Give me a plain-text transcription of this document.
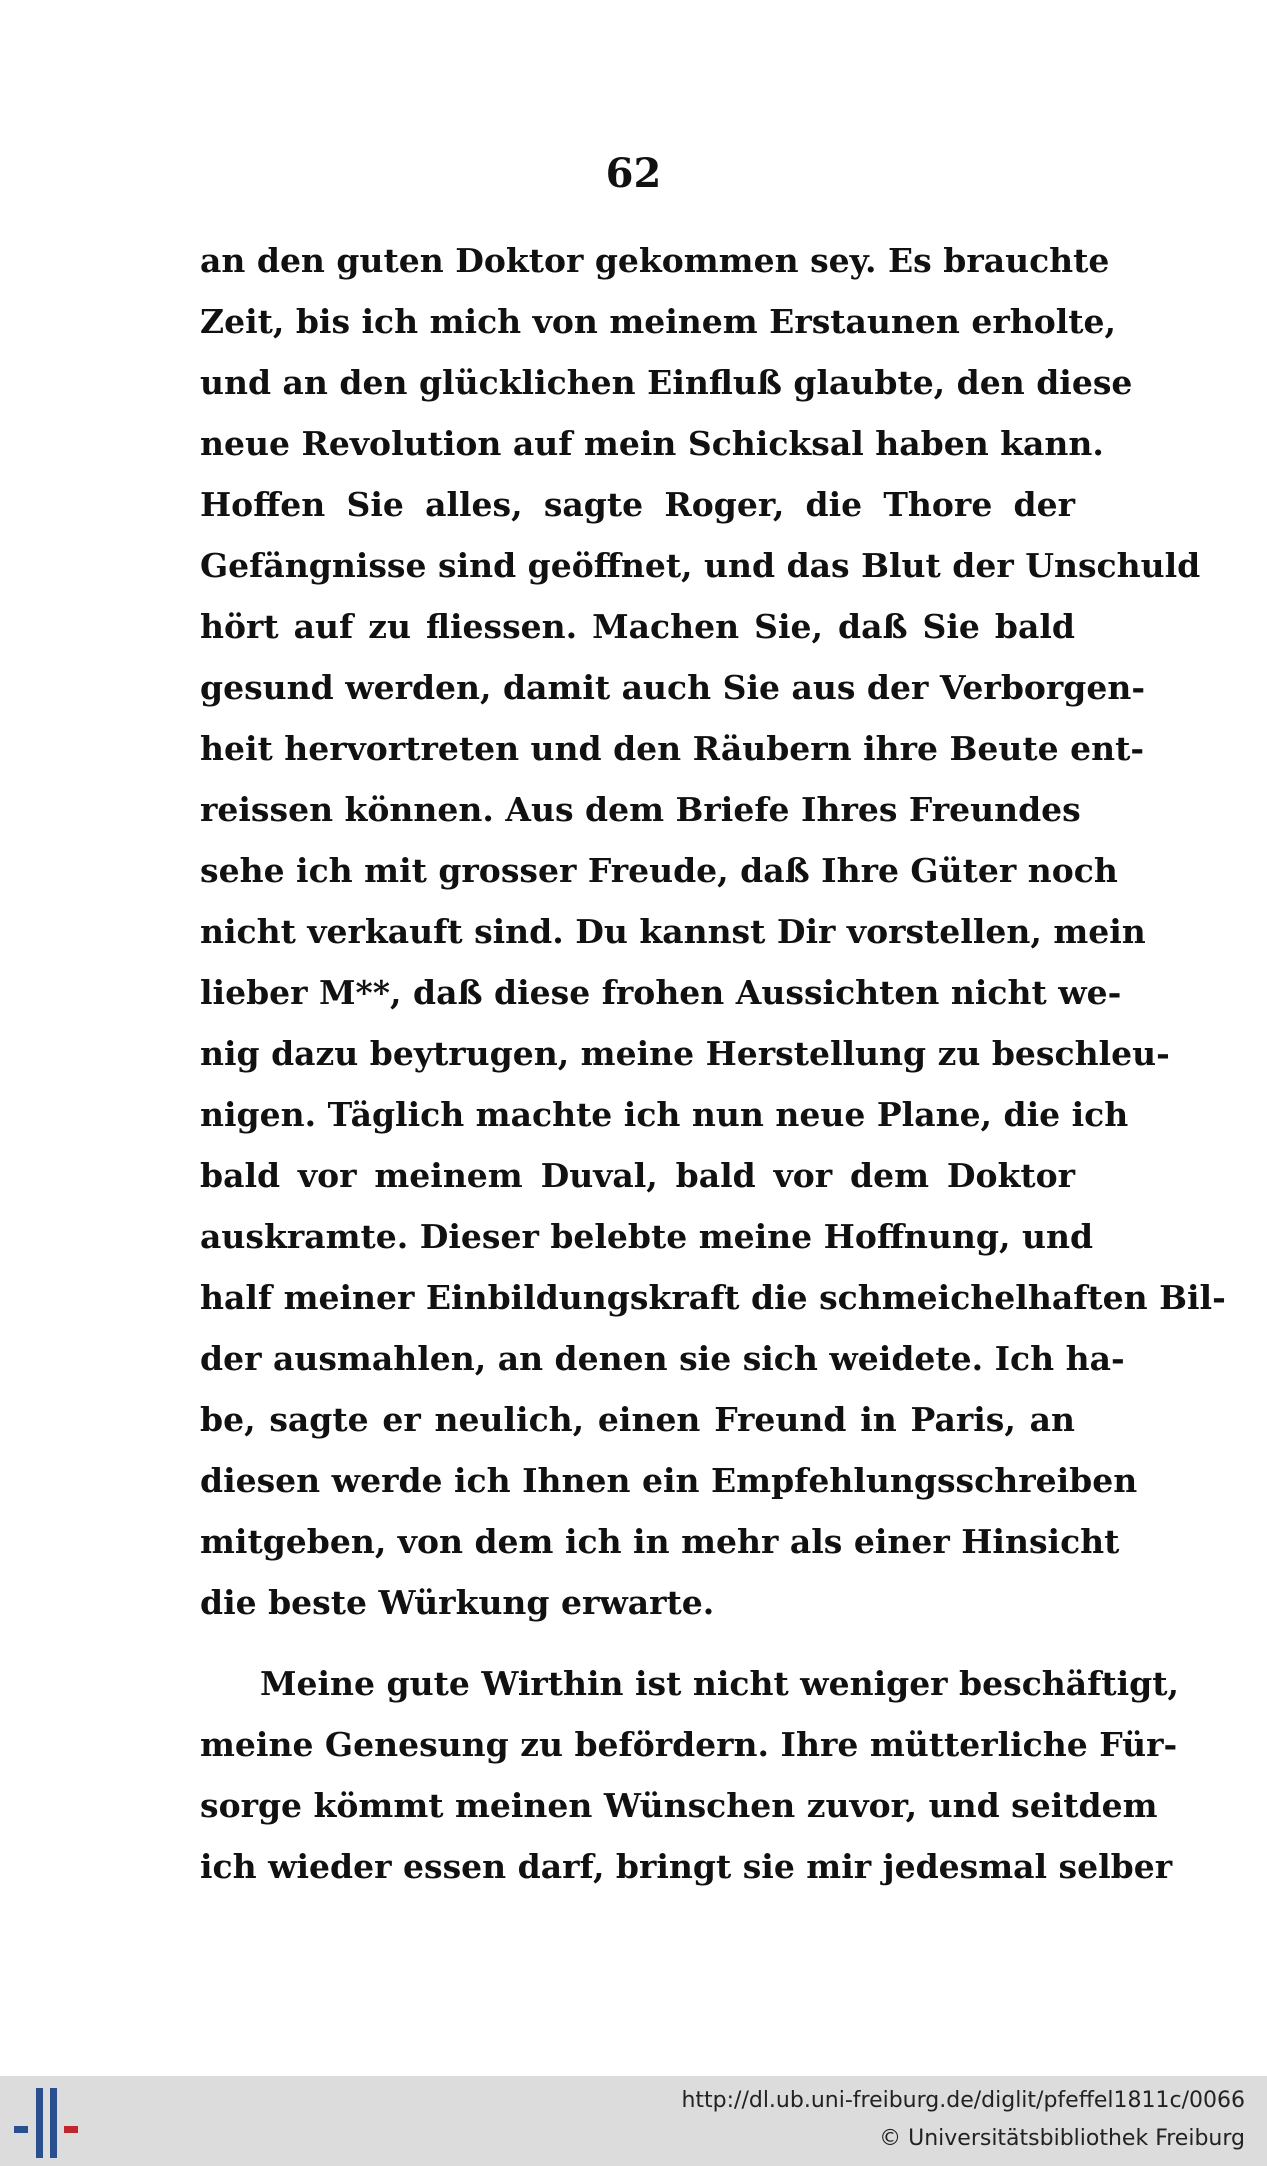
62
an den guten Doktor gekommen sey. Es brauchte
Zeit, bis ich mich von meinem Erstaunen erholte,
und an den glücklichen Einfluß glaubte, den diese
neue Revolution auf mein Schicksal haben kann.
Hoffen Sie alles, sagte Roger, die Thore der
Gefängnisse sind geöffnet, und das Blut der Unschuld
hört auf zu fliessen. Machen Sie, daß Sie bald
gesund werden, damit auch Sie aus der Verborgen-
heit hervortreten und den Räubern ihre Beute ent-
reissen können. Aus dem Briefe Ihres Freundes
sehe ich mit grosser Freude, daß Ihre Güter noch
nicht verkauft sind. Du kannst Dir vorstellen, mein
lieber M**, daß diese frohen Aussichten nicht we-
nig dazu beytrugen, meine Herstellung zu beschleu-
nigen. Täglich machte ich nun neue Plane, die ich
bald vor meinem Duval, bald vor dem Doktor
auskramte. Dieser belebte meine Hoffnung, und
half meiner Einbildungskraft die schmeichelhaften Bil-
der ausmahlen, an denen sie sich weidete. Ich ha-
be, sagte er neulich, einen Freund in Paris, an
diesen werde ich Ihnen ein Empfehlungsschreiben
mitgeben, von dem ich in mehr als einer Hinsicht
die beste Würkung erwarte.
Meine gute Wirthin ist nicht weniger beschäftigt,
meine Genesung zu befördern. Ihre mütterliche Für-
sorge kömmt meinen Wünschen zuvor, und seitdem
ich wieder essen darf, bringt sie mir jedesmal selber
http://dl.ub.uni-freiburg.de/diglit/pfeffel1811c/0066
© Universitätsbibliothek Freiburg
